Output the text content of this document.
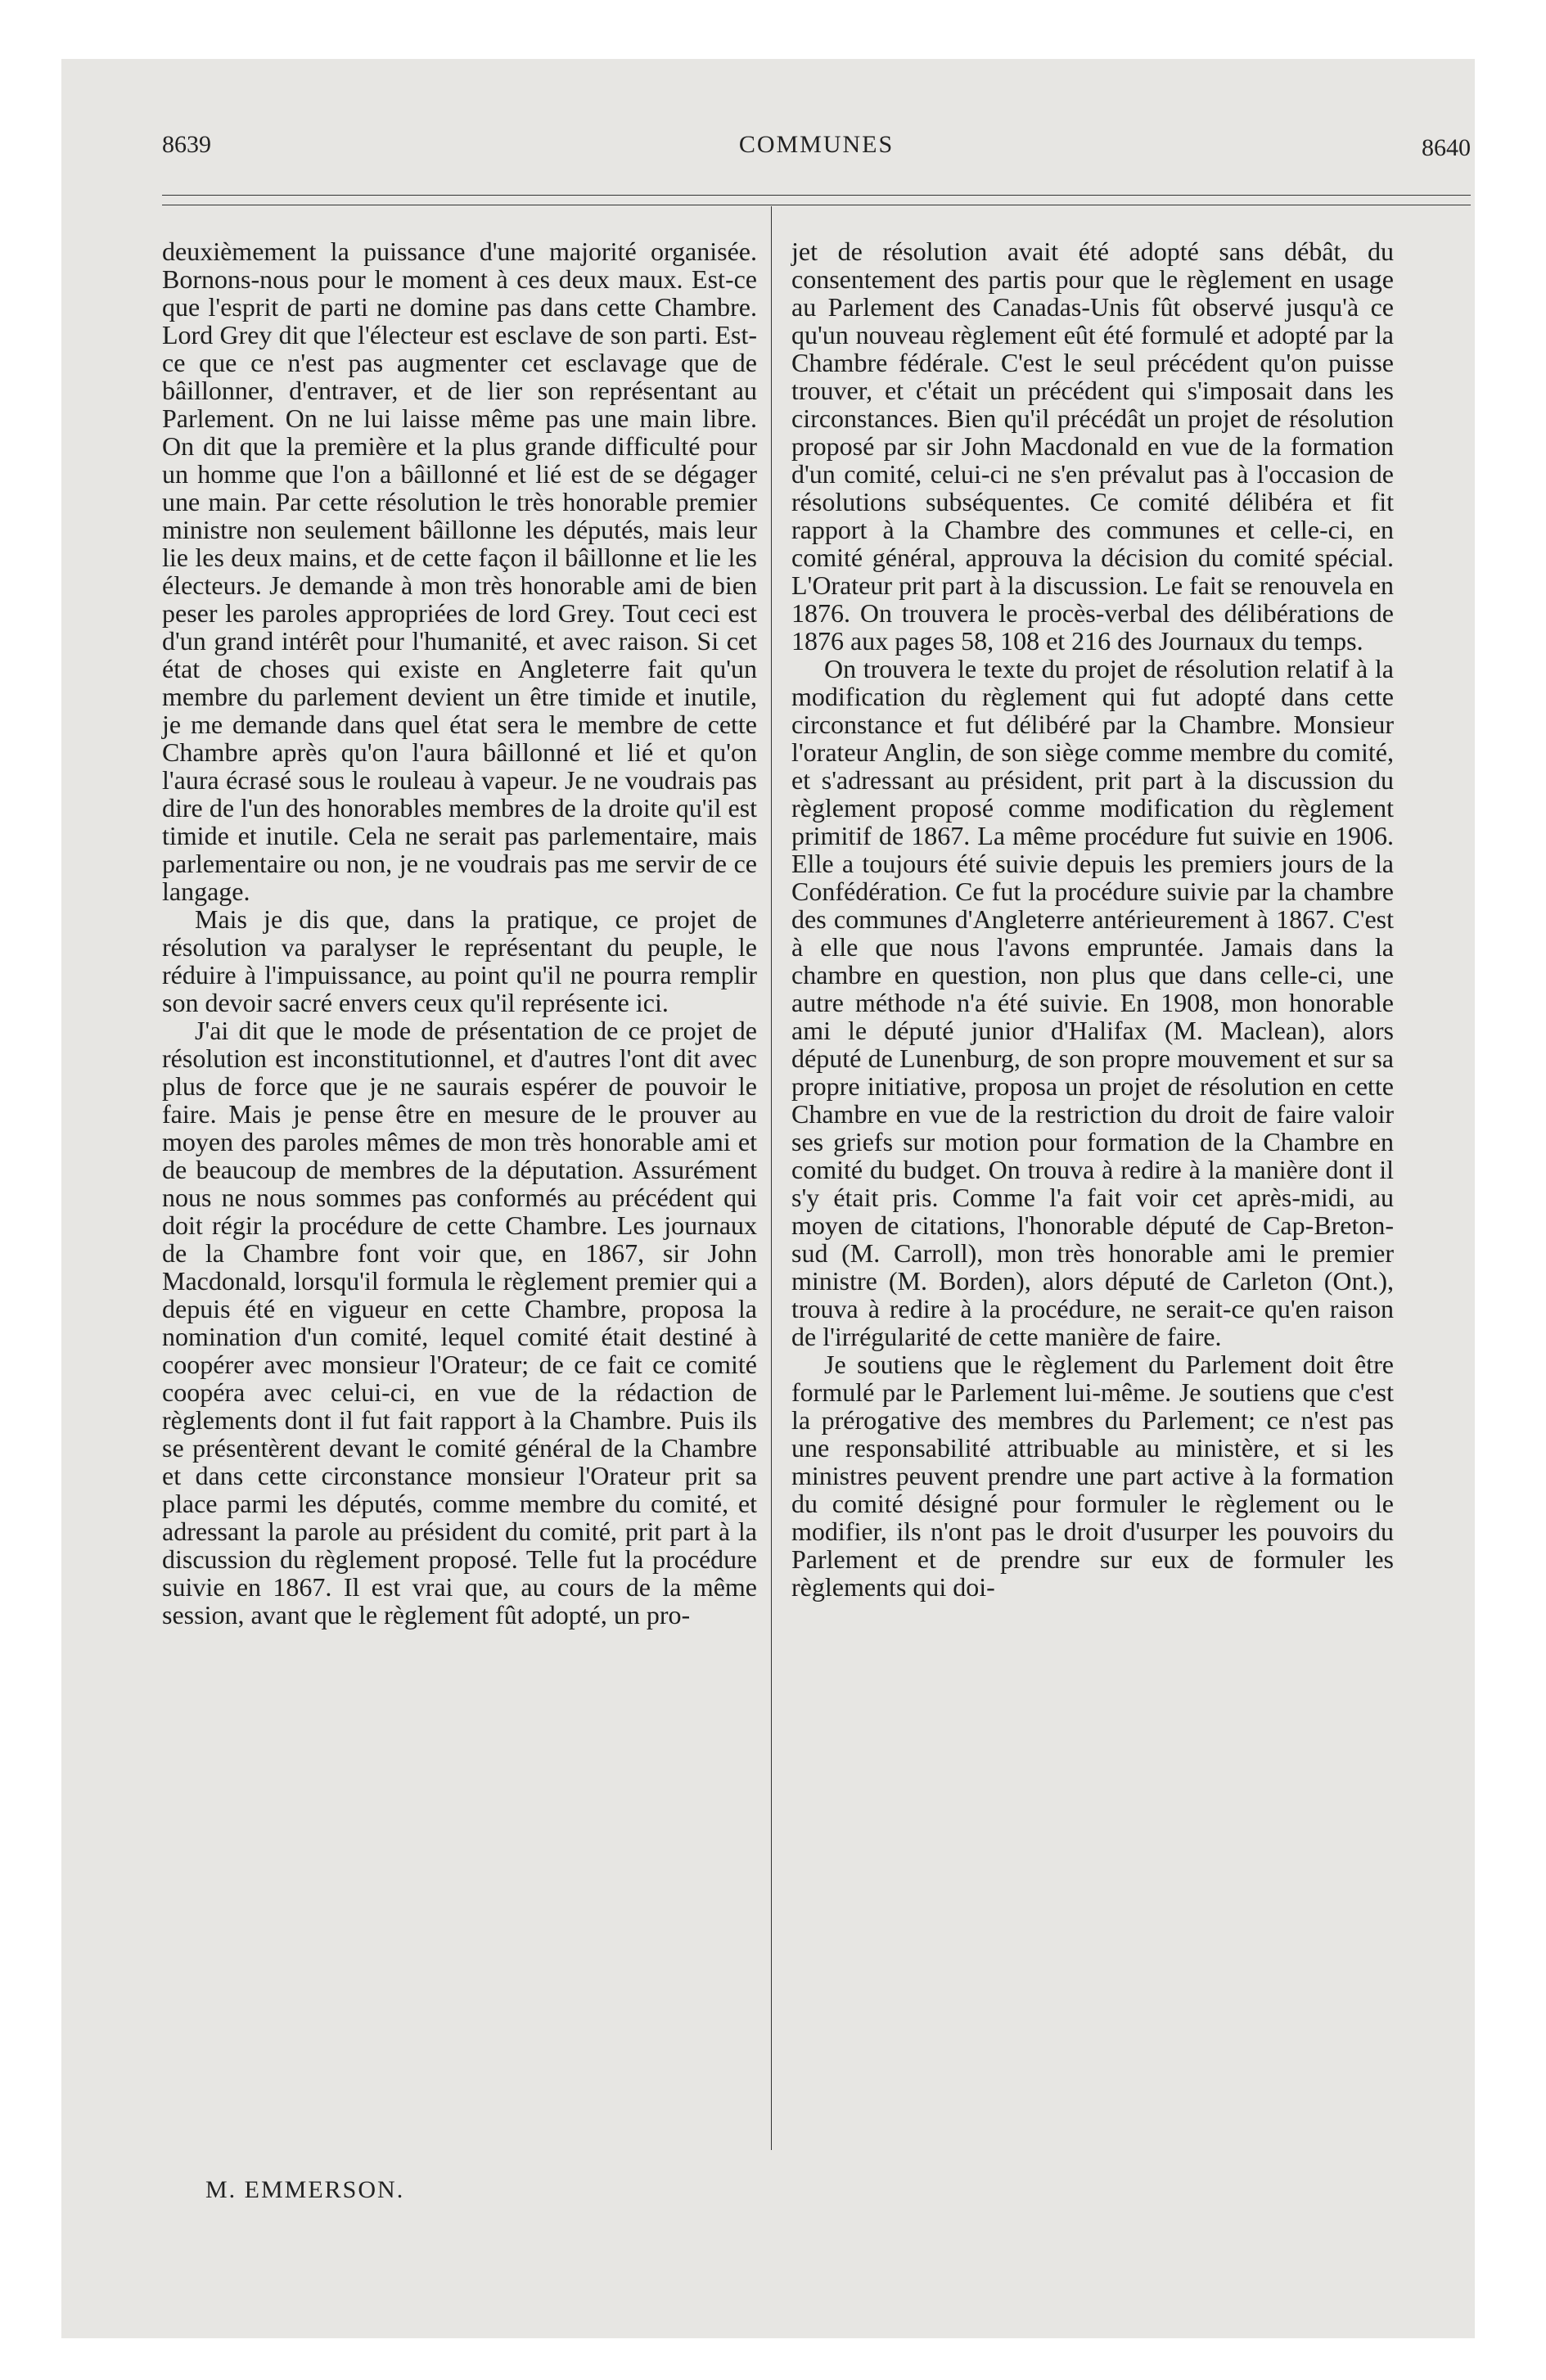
8639	COMMUNES	8640

deuxièmement la puissance d'une majorité organisée. Bornons-nous pour le moment à ces deux maux. Est-ce que l'esprit de parti ne domine pas dans cette Chambre. Lord Grey dit que l'électeur est esclave de son parti. Est-ce que ce n'est pas augmenter cet esclavage que de bâillonner, d'entraver, et de lier son représentant au Parlement. On ne lui laisse même pas une main libre. On dit que la première et la plus grande difficulté pour un homme que l'on a bâillonné et lié est de se dégager une main. Par cette résolution le très honorable premier ministre non seulement bâillonne les députés, mais leur lie les deux mains, et de cette façon il bâillonne et lie les électeurs. Je demande à mon très honorable ami de bien peser les paroles appropriées de lord Grey. Tout ceci est d'un grand intérêt pour l'humanité, et avec raison. Si cet état de choses qui existe en Angleterre fait qu'un membre du parlement devient un être timide et inutile, je me demande dans quel état sera le membre de cette Chambre après qu'on l'aura bâillonné et lié et qu'on l'aura écrasé sous le rouleau à vapeur. Je ne voudrais pas dire de l'un des honorables membres de la droite qu'il est timide et inutile. Cela ne serait pas parlementaire, mais parlementaire ou non, je ne voudrais pas me servir de ce langage.

Mais je dis que, dans la pratique, ce projet de résolution va paralyser le représentant du peuple, le réduire à l'impuissance, au point qu'il ne pourra remplir son devoir sacré envers ceux qu'il représente ici.

J'ai dit que le mode de présentation de ce projet de résolution est inconstitutionnel, et d'autres l'ont dit avec plus de force que je ne saurais espérer de pouvoir le faire. Mais je pense être en mesure de le prouver au moyen des paroles mêmes de mon très honorable ami et de beaucoup de membres de la députation. Assurément nous ne nous sommes pas conformés au précédent qui doit régir la procédure de cette Chambre. Les journaux de la Chambre font voir que, en 1867, sir John Macdonald, lorsqu'il formula le règlement premier qui a depuis été en vigueur en cette Chambre, proposa la nomination d'un comité, lequel comité était destiné à coopérer avec monsieur l'Orateur; de ce fait ce comité coopéra avec celui-ci, en vue de la rédaction de règlements dont il fut fait rapport à la Chambre. Puis ils se présentèrent devant le comité général de la Chambre et dans cette circonstance monsieur l'Orateur prit sa place parmi les députés, comme membre du comité, et adressant la parole au président du comité, prit part à la discussion du règlement proposé. Telle fut la procédure suivie en 1867. Il est vrai que, au cours de la même session, avant que le règlement fût adopté, un pro-

jet de résolution avait été adopté sans débât, du consentement des partis pour que le règlement en usage au Parlement des Canadas-Unis fût observé jusqu'à ce qu'un nouveau règlement eût été formulé et adopté par la Chambre fédérale. C'est le seul précédent qu'on puisse trouver, et c'était un précédent qui s'imposait dans les circonstances. Bien qu'il précédât un projet de résolution proposé par sir John Macdonald en vue de la formation d'un comité, celui-ci ne s'en prévalut pas à l'occasion de résolutions subséquentes. Ce comité délibéra et fit rapport à la Chambre des communes et celle-ci, en comité général, approuva la décision du comité spécial. L'Orateur prit part à la discussion. Le fait se renouvela en 1876. On trouvera le procès-verbal des délibérations de 1876 aux pages 58, 108 et 216 des Journaux du temps.

On trouvera le texte du projet de résolution relatif à la modification du règlement qui fut adopté dans cette circonstance et fut délibéré par la Chambre. Monsieur l'orateur Anglin, de son siège comme membre du comité, et s'adressant au président, prit part à la discussion du règlement proposé comme modification du règlement primitif de 1867. La même procédure fut suivie en 1906. Elle a toujours été suivie depuis les premiers jours de la Confédération. Ce fut la procédure suivie par la chambre des communes d'Angleterre antérieurement à 1867. C'est à elle que nous l'avons empruntée. Jamais dans la chambre en question, non plus que dans celle-ci, une autre méthode n'a été suivie. En 1908, mon honorable ami le député junior d'Halifax (M. Maclean), alors député de Lunenburg, de son propre mouvement et sur sa propre initiative, proposa un projet de résolution en cette Chambre en vue de la restriction du droit de faire valoir ses griefs sur motion pour formation de la Chambre en comité du budget. On trouva à redire à la manière dont il s'y était pris. Comme l'a fait voir cet après-midi, au moyen de citations, l'honorable député de Cap-Breton-sud (M. Carroll), mon très honorable ami le premier ministre (M. Borden), alors député de Carleton (Ont.), trouva à redire à la procédure, ne serait-ce qu'en raison de l'irrégularité de cette manière de faire.

Je soutiens que le règlement du Parlement doit être formulé par le Parlement lui-même. Je soutiens que c'est la prérogative des membres du Parlement; ce n'est pas une responsabilité attribuable au ministère, et si les ministres peuvent prendre une part active à la formation du comité désigné pour formuler le règlement ou le modifier, ils n'ont pas le droit d'usurper les pouvoirs du Parlement et de prendre sur eux de formuler les règlements qui doi-

M. EMMERSON.
